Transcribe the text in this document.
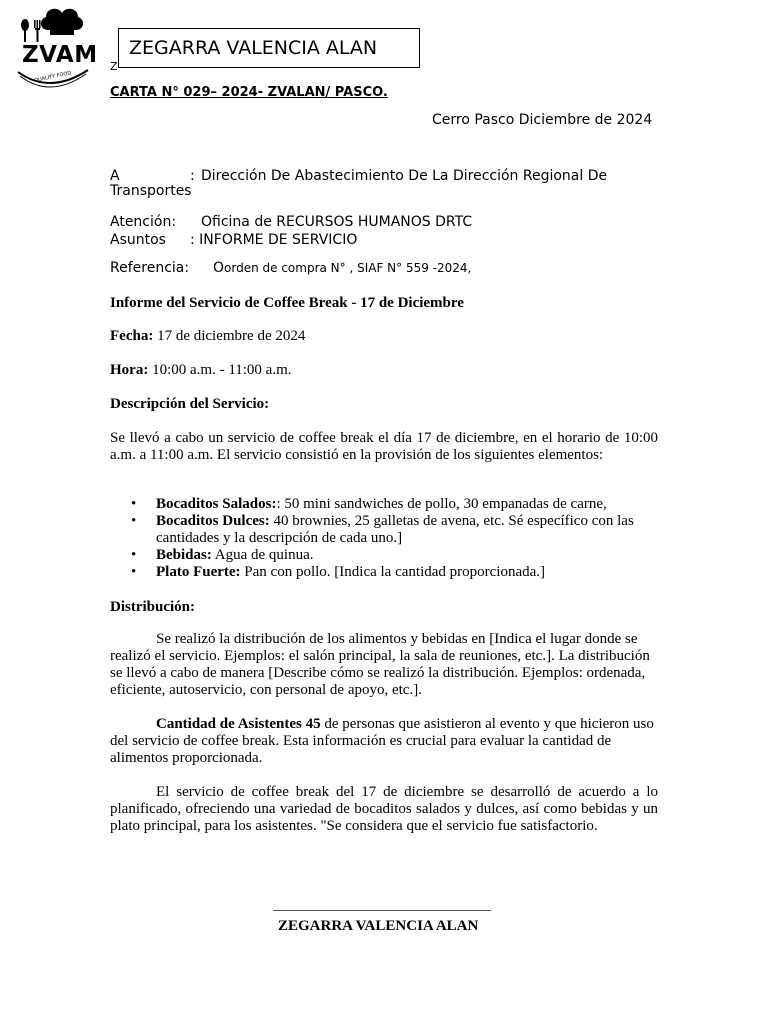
ZVAM
QUALITY FOOD
Z
ZEGARRA VALENCIA ALAN
CARTA N° 029– 2024- ZVALAN/ PASCO.
Cerro Pasco Diciembre de 2024
A	: Dirección De Abastecimiento De La Dirección Regional De
Transportes
Atención: Oficina de RECURSOS HUMANOS DRTC
Asuntos : INFORME DE SERVICIO
Referencia: Oorden de compra N° , SIAF N° 559 -2024,
Informe del Servicio de Coffee Break - 17 de Diciembre
Fecha: 17 de diciembre de 2024
Hora: 10:00 a.m. - 11:00 a.m.
Descripción del Servicio:
Se llevó a cabo un servicio de coffee break el día 17 de diciembre, en el horario de 10:00 a.m. a 11:00 a.m. El servicio consistió en la provisión de los siguientes elementos:
• Bocaditos Salados:: 50 mini sandwiches de pollo, 30 empanadas de carne,
• Bocaditos Dulces: 40 brownies, 25 galletas de avena, etc. Sé específico con las cantidades y la descripción de cada uno.]
• Bebidas: Agua de quinua.
• Plato Fuerte: Pan con pollo. [Indica la cantidad proporcionada.]
Distribución:
Se realizó la distribución de los alimentos y bebidas en [Indica el lugar donde se realizó el servicio. Ejemplos: el salón principal, la sala de reuniones, etc.]. La distribución se llevó a cabo de manera [Describe cómo se realizó la distribución. Ejemplos: ordenada, eficiente, autoservicio, con personal de apoyo, etc.].
Cantidad de Asistentes 45 de personas que asistieron al evento y que hicieron uso del servicio de coffee break. Esta información es crucial para evaluar la cantidad de alimentos proporcionada.
El servicio de coffee break del 17 de diciembre se desarrolló de acuerdo a lo planificado, ofreciendo una variedad de bocaditos salados y dulces, así como bebidas y un plato principal, para los asistentes. "Se considera que el servicio fue satisfactorio.
ZEGARRA VALENCIA ALAN
